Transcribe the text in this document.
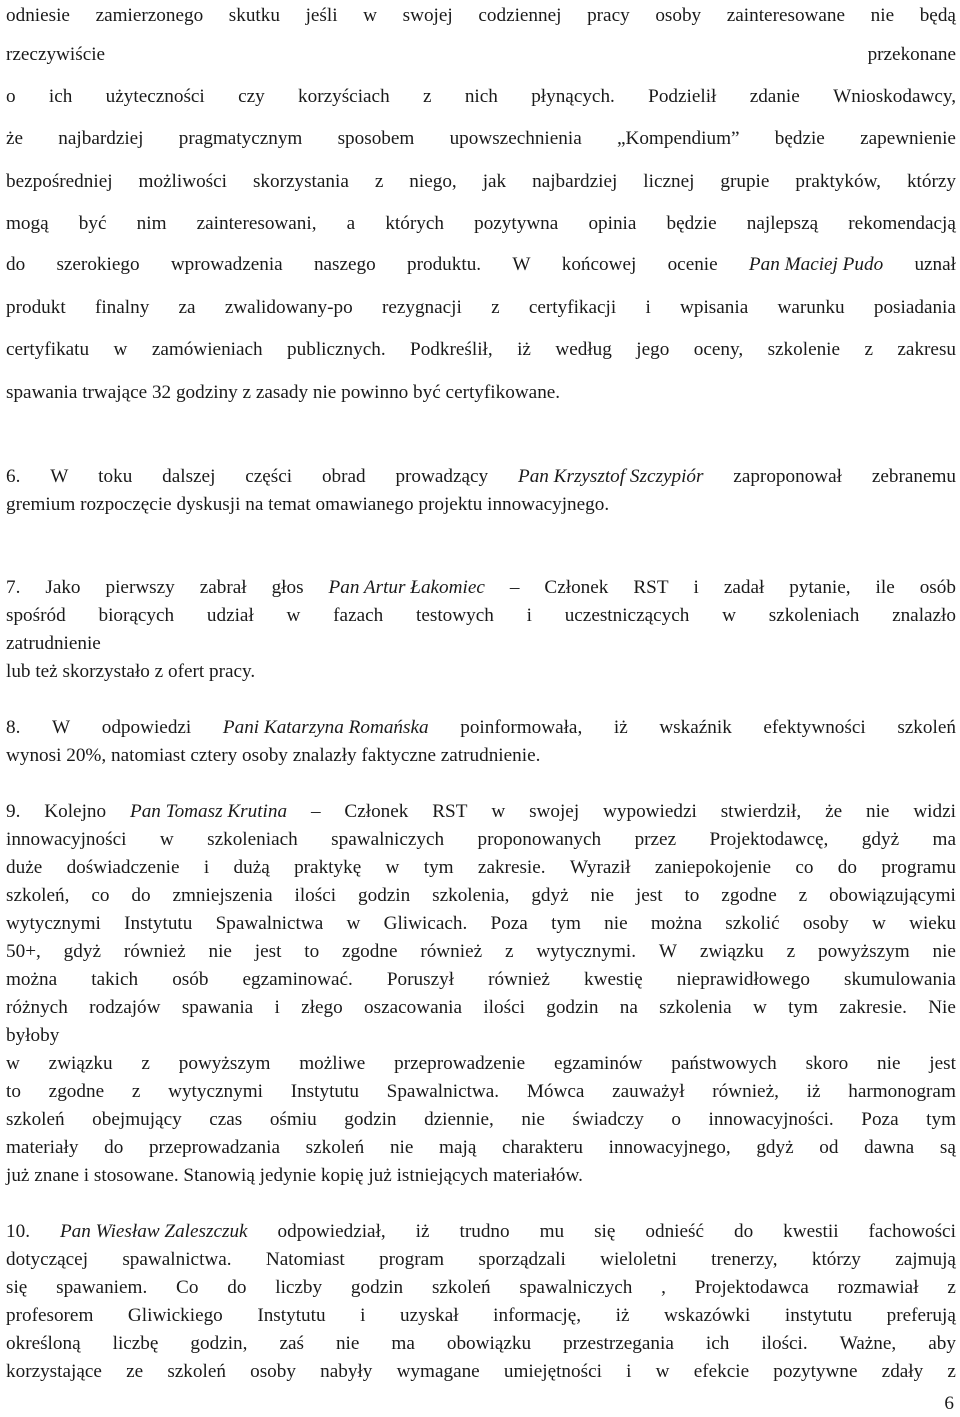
odniesie zamierzonego skutku jeśli w swojej codziennej pracy osoby zainteresowane nie będą
rzeczywiście	przekonane
o ich użyteczności czy korzyściach z nich płynących. Podzielił zdanie Wnioskodawcy,
że najbardziej pragmatycznym sposobem upowszechnienia „Kompendium” będzie zapewnienie
bezpośredniej możliwości skorzystania z niego, jak najbardziej licznej grupie praktyków, którzy
mogą być nim zainteresowani, a których pozytywna opinia będzie najlepszą rekomendacją
do szerokiego wprowadzenia naszego produktu. W końcowej ocenie Pan Maciej Pudo uznał
produkt finalny za zwalidowany-po rezygnacji z certyfikacji i wpisania warunku posiadania
certyfikatu w zamówieniach publicznych. Podkreślił, iż według jego oceny, szkolenie z zakresu
spawania trwające 32 godziny z zasady nie powinno być certyfikowane.
6. W toku dalszej części obrad prowadzący Pan Krzysztof Szczypiór zaproponował zebranemu
gremium rozpoczęcie dyskusji na temat omawianego projektu innowacyjnego.
7. Jako pierwszy zabrał głos Pan Artur Łakomiec – Członek RST i zadał pytanie, ile osób
spośród biorących udział w fazach testowych i uczestniczących w szkoleniach znalazło
zatrudnienie
lub też skorzystało z ofert pracy.
8. W odpowiedzi Pani Katarzyna Romańska poinformowała, iż wskaźnik efektywności szkoleń
wynosi 20%, natomiast cztery osoby znalazły faktyczne zatrudnienie.
9. Kolejno Pan Tomasz Krutina – Członek RST w swojej wypowiedzi stwierdził, że nie widzi
innowacyjności w szkoleniach spawalniczych proponowanych przez Projektodawcę, gdyż ma
duże doświadczenie i dużą praktykę w tym zakresie. Wyraził zaniepokojenie co do programu
szkoleń, co do zmniejszenia ilości godzin szkolenia, gdyż nie jest to zgodne z obowiązującymi
wytycznymi Instytutu Spawalnictwa w Gliwicach. Poza tym nie można szkolić osoby w wieku
50+, gdyż również nie jest to zgodne również z wytycznymi. W związku z powyższym nie
można takich osób egzaminować. Poruszył również kwestię nieprawidłowego skumulowania
różnych rodzajów spawania i złego oszacowania ilości godzin na szkolenia w tym zakresie. Nie
byłoby
w związku z powyższym możliwe przeprowadzenie egzaminów państwowych skoro nie jest
to zgodne z wytycznymi Instytutu Spawalnictwa. Mówca zauważył również, iż harmonogram
szkoleń obejmujący czas ośmiu godzin dziennie, nie świadczy o innowacyjności. Poza tym
materiały do przeprowadzania szkoleń nie mają charakteru innowacyjnego, gdyż od dawna są
już znane i stosowane. Stanowią jedynie kopię już istniejących materiałów.
10. Pan Wiesław Zaleszczuk odpowiedział, iż trudno mu się odnieść do kwestii fachowości
dotyczącej spawalnictwa. Natomiast program sporządzali wieloletni trenerzy, którzy zajmują
się spawaniem. Co do liczby godzin szkoleń spawalniczych , Projektodawca rozmawiał z
profesorem Gliwickiego Instytutu i uzyskał informację, iż wskazówki instytutu preferują
określoną liczbę godzin, zaś nie ma obowiązku przestrzegania ich ilości. Ważne, aby
korzystające ze szkoleń osoby nabyły wymagane umiejętności i w efekcie pozytywne zdały z
6
